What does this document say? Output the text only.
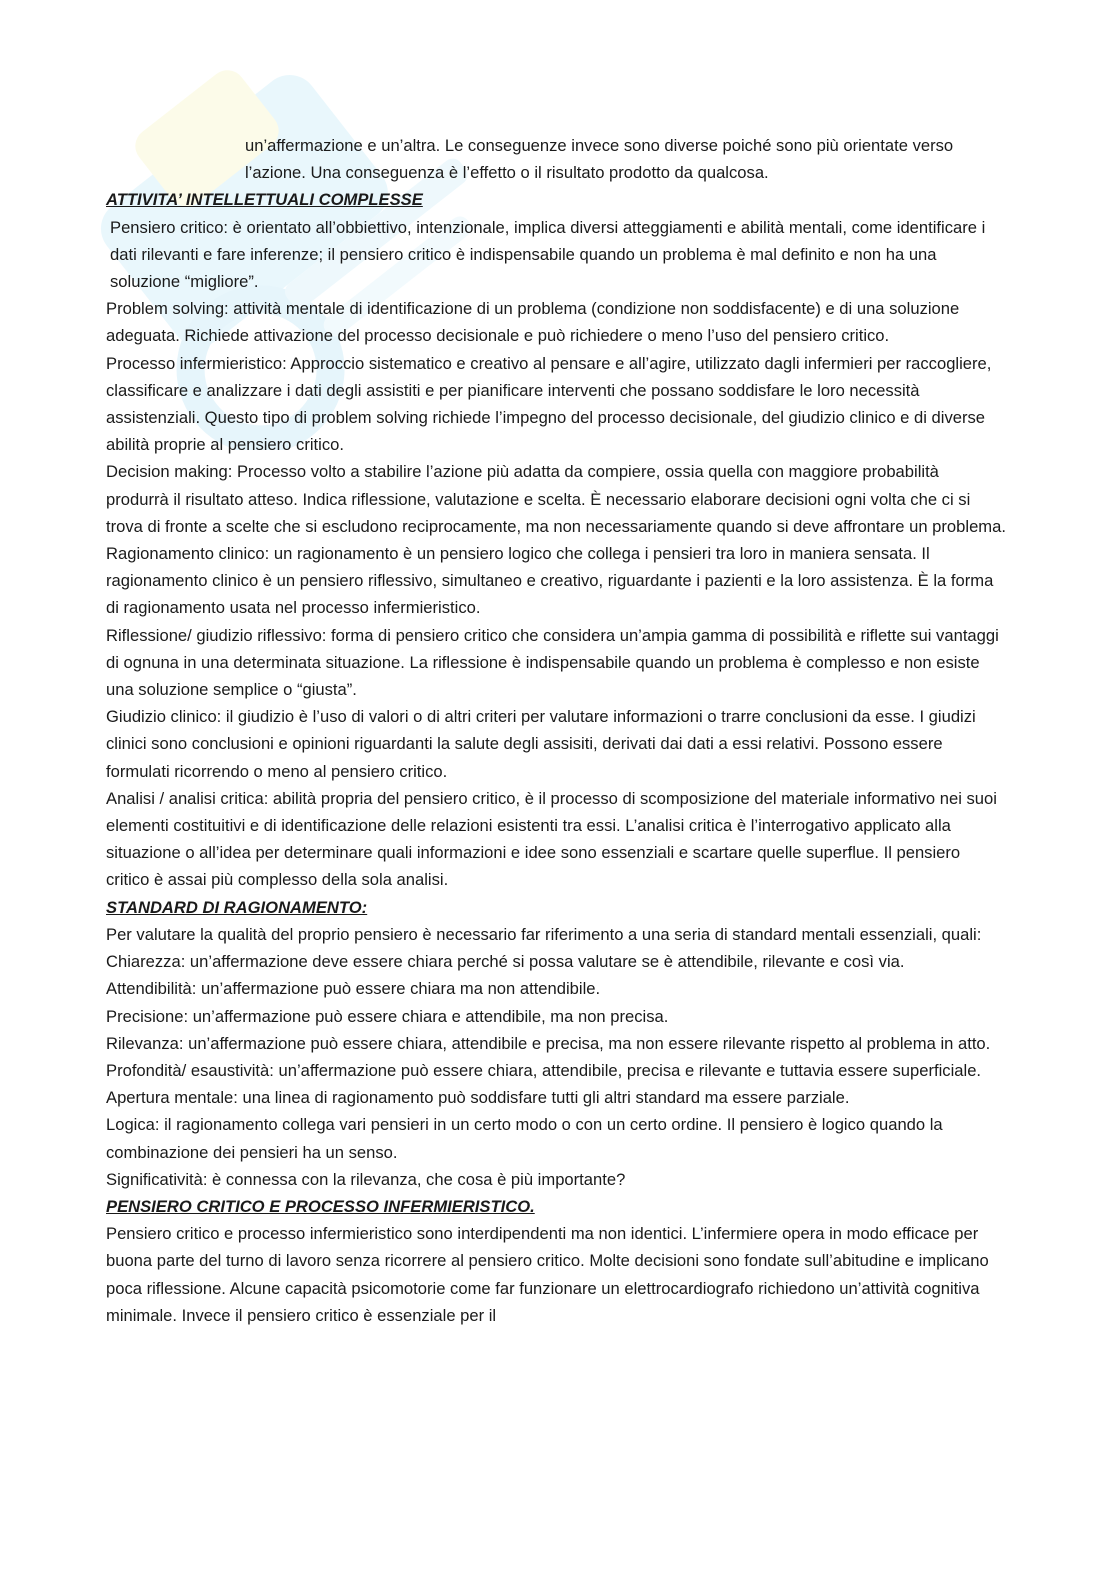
un’affermazione e un’altra. Le conseguenze invece sono diverse poiché sono più orientate verso l’azione. Una conseguenza è l’effetto o il risultato prodotto da qualcosa.

ATTIVITA’ INTELLETTUALI COMPLESSE

Pensiero critico: è orientato all’obbiettivo, intenzionale, implica diversi atteggiamenti e abilità mentali, come identificare i dati rilevanti e fare inferenze; il pensiero critico è indispensabile quando un problema è mal definito e non ha una soluzione “migliore”.

Problem solving: attività mentale di identificazione di un problema (condizione non soddisfacente) e di una soluzione adeguata. Richiede attivazione del processo decisionale e può richiedere o meno l’uso del pensiero critico.

Processo infermieristico: Approccio sistematico e creativo al pensare e all’agire, utilizzato dagli infermieri per raccogliere, classificare e analizzare i dati degli assistiti e per pianificare interventi che possano soddisfare le loro necessità assistenziali. Questo tipo di problem solving richiede l’impegno del processo decisionale, del giudizio clinico e di diverse abilità proprie al pensiero critico.

Decision making: Processo volto a stabilire l’azione più adatta da compiere, ossia quella con maggiore probabilità produrrà il risultato atteso. Indica riflessione, valutazione e scelta. È necessario elaborare decisioni ogni volta che ci si trova di fronte a scelte che si escludono reciprocamente, ma non necessariamente quando si deve affrontare un problema.

Ragionamento clinico: un ragionamento è un pensiero logico che collega i pensieri tra loro in maniera sensata. Il ragionamento clinico è un pensiero riflessivo, simultaneo e creativo, riguardante i pazienti e la loro assistenza. È la forma di ragionamento usata nel processo infermieristico.

Riflessione/ giudizio riflessivo: forma di pensiero critico che considera un’ampia gamma di possibilità e riflette sui vantaggi di ognuna in una determinata situazione. La riflessione è indispensabile quando un problema è complesso e non esiste una soluzione semplice o “giusta”.

Giudizio clinico: il giudizio è l’uso di valori o di altri criteri per valutare informazioni o trarre conclusioni da esse. I giudizi clinici sono conclusioni e opinioni riguardanti la salute degli assisiti, derivati dai dati a essi relativi. Possono essere formulati ricorrendo o meno al pensiero critico.

Analisi / analisi critica: abilità propria del pensiero critico, è il processo di scomposizione del materiale informativo nei suoi elementi costituitivi e di identificazione delle relazioni esistenti tra essi. L’analisi critica è l’interrogativo applicato alla situazione o all’idea per determinare quali informazioni e idee sono essenziali e scartare quelle superflue. Il pensiero critico è assai più complesso della sola analisi.

STANDARD DI RAGIONAMENTO:

Per valutare la qualità del proprio pensiero è necessario far riferimento a una seria di standard mentali essenziali, quali:

Chiarezza: un’affermazione deve essere chiara perché si possa valutare se è attendibile, rilevante e così via.

Attendibilità: un’affermazione può essere chiara ma non attendibile.

Precisione: un’affermazione può essere chiara e attendibile, ma non precisa.

Rilevanza: un’affermazione può essere chiara, attendibile e precisa, ma non essere rilevante rispetto al problema in atto.

Profondità/ esaustività: un’affermazione può essere chiara, attendibile, precisa e rilevante e tuttavia essere superficiale.

Apertura mentale: una linea di ragionamento può soddisfare tutti gli altri standard ma essere parziale.

Logica: il ragionamento collega vari pensieri in un certo modo o con un certo ordine. Il pensiero è logico quando la combinazione dei pensieri ha un senso.

Significatività: è connessa con la rilevanza, che cosa è più importante?

PENSIERO CRITICO E PROCESSO INFERMIERISTICO.

Pensiero critico e processo infermieristico sono interdipendenti ma non identici. L’infermiere opera in modo efficace per buona parte del turno di lavoro senza ricorrere al pensiero critico. Molte decisioni sono fondate sull’abitudine e implicano poca riflessione. Alcune capacità psicomotorie come far funzionare un elettrocardiografo richiedono un’attività cognitiva minimale. Invece il pensiero critico è essenziale per il
